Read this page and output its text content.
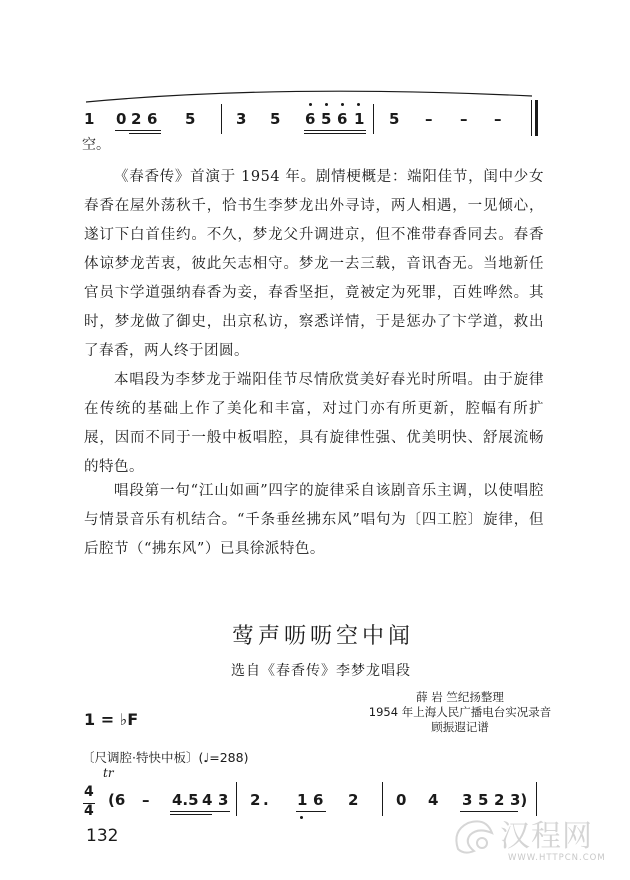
1 0 2 6 5	3 5 6 5 6 1 5 – – –
空。

《春香传》首演于 1954 年。剧情梗概是：端阳佳节，闺中少女春香在屋外荡秋千，恰书生李梦龙出外寻诗，两人相遇，一见倾心，遂订下白首佳约。不久，梦龙父升调进京，但不准带春香同去。春香体谅梦龙苦衷，彼此矢志相守。梦龙一去三载，音讯杳无。当地新任官员卞学道强纳春香为妾，春香坚拒，竟被定为死罪，百姓哗然。其时，梦龙做了御史，出京私访，察悉详情，于是惩办了卞学道，救出了春香，两人终于团圆。

本唱段为李梦龙于端阳佳节尽情欣赏美好春光时所唱。由于旋律在传统的基础上作了美化和丰富，对过门亦有所更新，腔幅有所扩展，因而不同于一般中板唱腔，具有旋律性强、优美明快、舒展流畅的特色。

唱段第一句“江山如画”四字的旋律采自该剧音乐主调，以使唱腔与情景音乐有机结合。“千条垂丝拂东风”唱句为〔四工腔〕旋律，但后腔节（“拂东风”）已具徐派特色。

莺声呖呖空中闻
选自《春香传》李梦龙唱段
薛 岩 竺纪扬整理
1954 年上海人民广播电台实况录音
顾振遐记谱
1 = ♭F
〔尺调腔·特快中板〕(♩=288)
tr
4
4
(6 – 4.5 4 3 2 . 1 6 2	0 4 3 5 2 3)
132	汉程网
WWW.HTTPCN.COM
